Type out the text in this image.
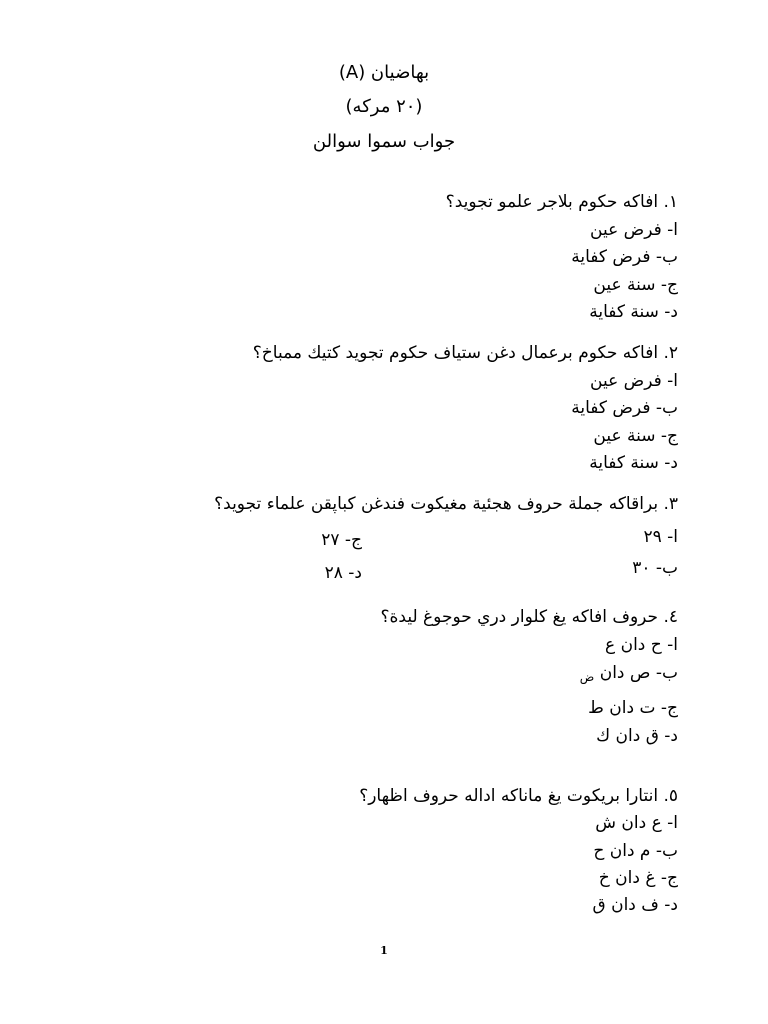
بهاضيان (A)
(٢٠ مركه)
جواب سموا سوالن
١. افاكه حکوم بلاجر علمو تجويد؟
ا- فرض عين
ب- فرض كفاية
ج- سنة عين
د- سنة كفاية
٢. افاكه حکوم برعمال دغن ستياف حکوم تجويد کتيك ممباخ؟
ا- فرض عين
ب- فرض كفاية
ج- سنة عين
د- سنة كفاية
٣. براقاكه جملة حروف هجئية مغيكوت فندغن كباڽقن علماء تجويد؟
ا- ٢٩
ب- ٣٠
ج- ٢٧
د- ٢٨
٤. حروف افاكه يغ كلوار دري حوجوغ ليدة؟
ا- ح دان ع
ب- ص دان ض
ج- ت دان ط
د- ق دان ك
٥. انتارا بريكوت يغ ماناكه اداله حروف اظهار؟
ا- ع دان ش
ب- م دان ح
ج- غ دان خ
د- ف دان ق
1
